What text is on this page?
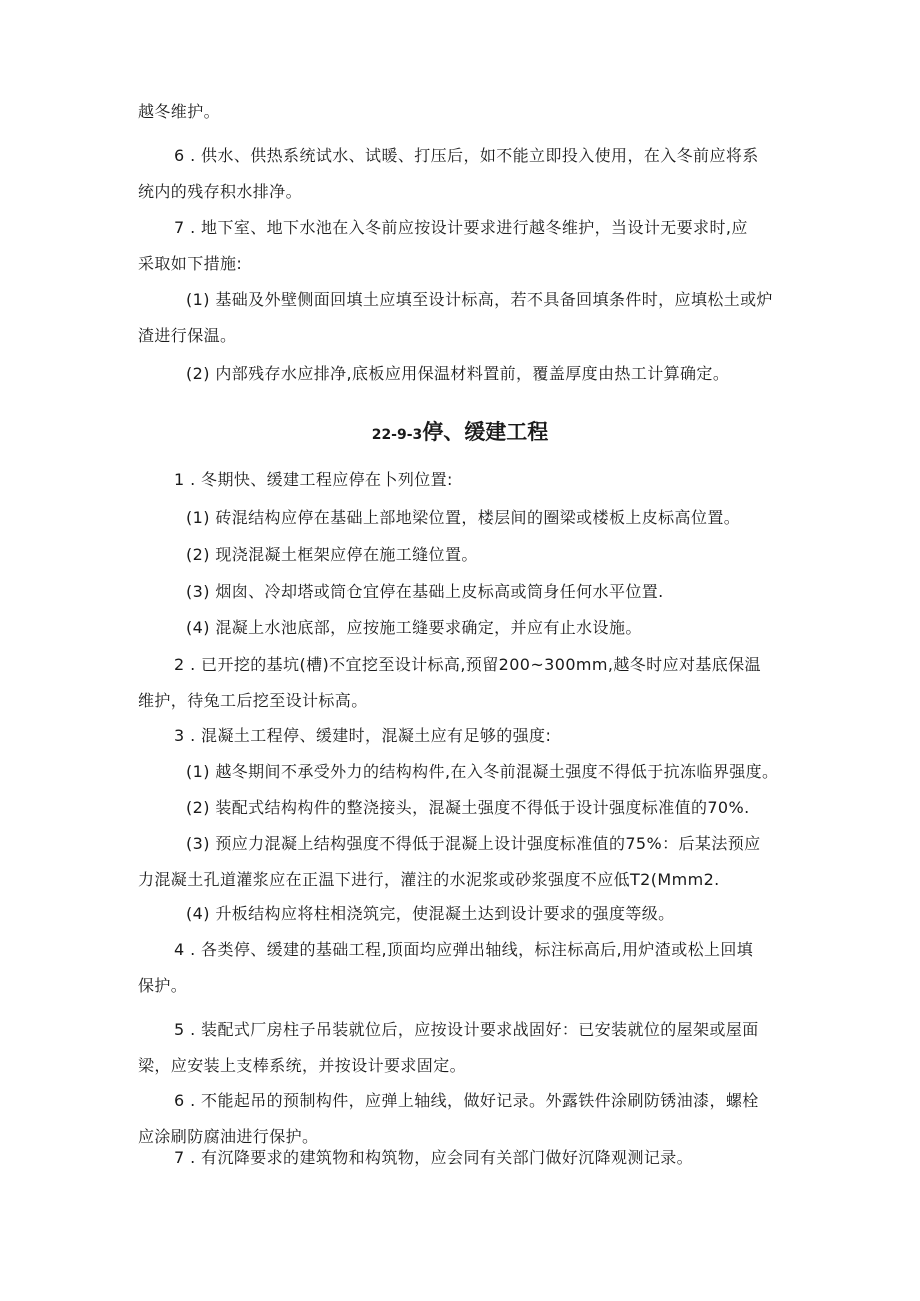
越冬维护。

6 . 供水、供热系统试水、试暖、打压后，如不能立即投入使用，在入冬前应将系
统内的残存积水排净。

7 . 地下室、地下水池在入冬前应按设计要求进行越冬维护，当设计无要求时,应
采取如下措施:

(1) 基础及外壁侧面回填土应填至设计标高，若不具备回填条件时，应填松土或炉
渣进行保温。

(2) 内部残存水应排净,底板应用保温材料置前，覆盖厚度由热工计算确定。

22-9-3停、缓建工程

1 . 冬期快、缓建工程应停在卜列位置:

(1) 砖混结构应停在基础上部地梁位置，楼层间的圈梁或楼板上皮标高位置。

(2) 现浇混凝土框架应停在施工缝位置。

(3) 烟囱、冷却塔或筒仓宜停在基础上皮标高或筒身任何水平位置.

(4) 混凝上水池底部，应按施工缝要求确定，并应有止水设施。

2 . 已开挖的基坑(槽)不宜挖至设计标高,预留200~300mm,越冬时应对基底保温
维护，待兔工后挖至设计标高。

3 . 混凝土工程停、缓建时，混凝土应有足够的强度:

(1) 越冬期间不承受外力的结构构件,在入冬前混凝土强度不得低于抗冻临界强度。

(2) 装配式结构构件的整浇接头，混凝土强度不得低于设计强度标准值的70%.

(3) 预应力混凝上结构强度不得低于混凝上设计强度标准值的75%：后某法预应
力混凝土孔道灌浆应在正温下进行，灌注的水泥浆或砂浆强度不应低T2(Mmm2.

(4) 升板结构应将柱相浇筑完，使混凝土达到设计要求的强度等级。

4 . 各类停、缓建的基础工程,顶面均应弹出轴线，标注标高后,用炉渣或松上回填
保护。

5 . 装配式厂房柱子吊装就位后，应按设计要求战固好：已安装就位的屋架或屋面
梁，应安装上支棒系统，并按设计要求固定。

6 . 不能起吊的预制构件，应弹上轴线，做好记录。外露铁件涂刷防锈油漆，螺栓
应涂刷防腐油进行保护。

7 . 有沉降要求的建筑物和构筑物，应会同有关部门做好沉降观测记录。
